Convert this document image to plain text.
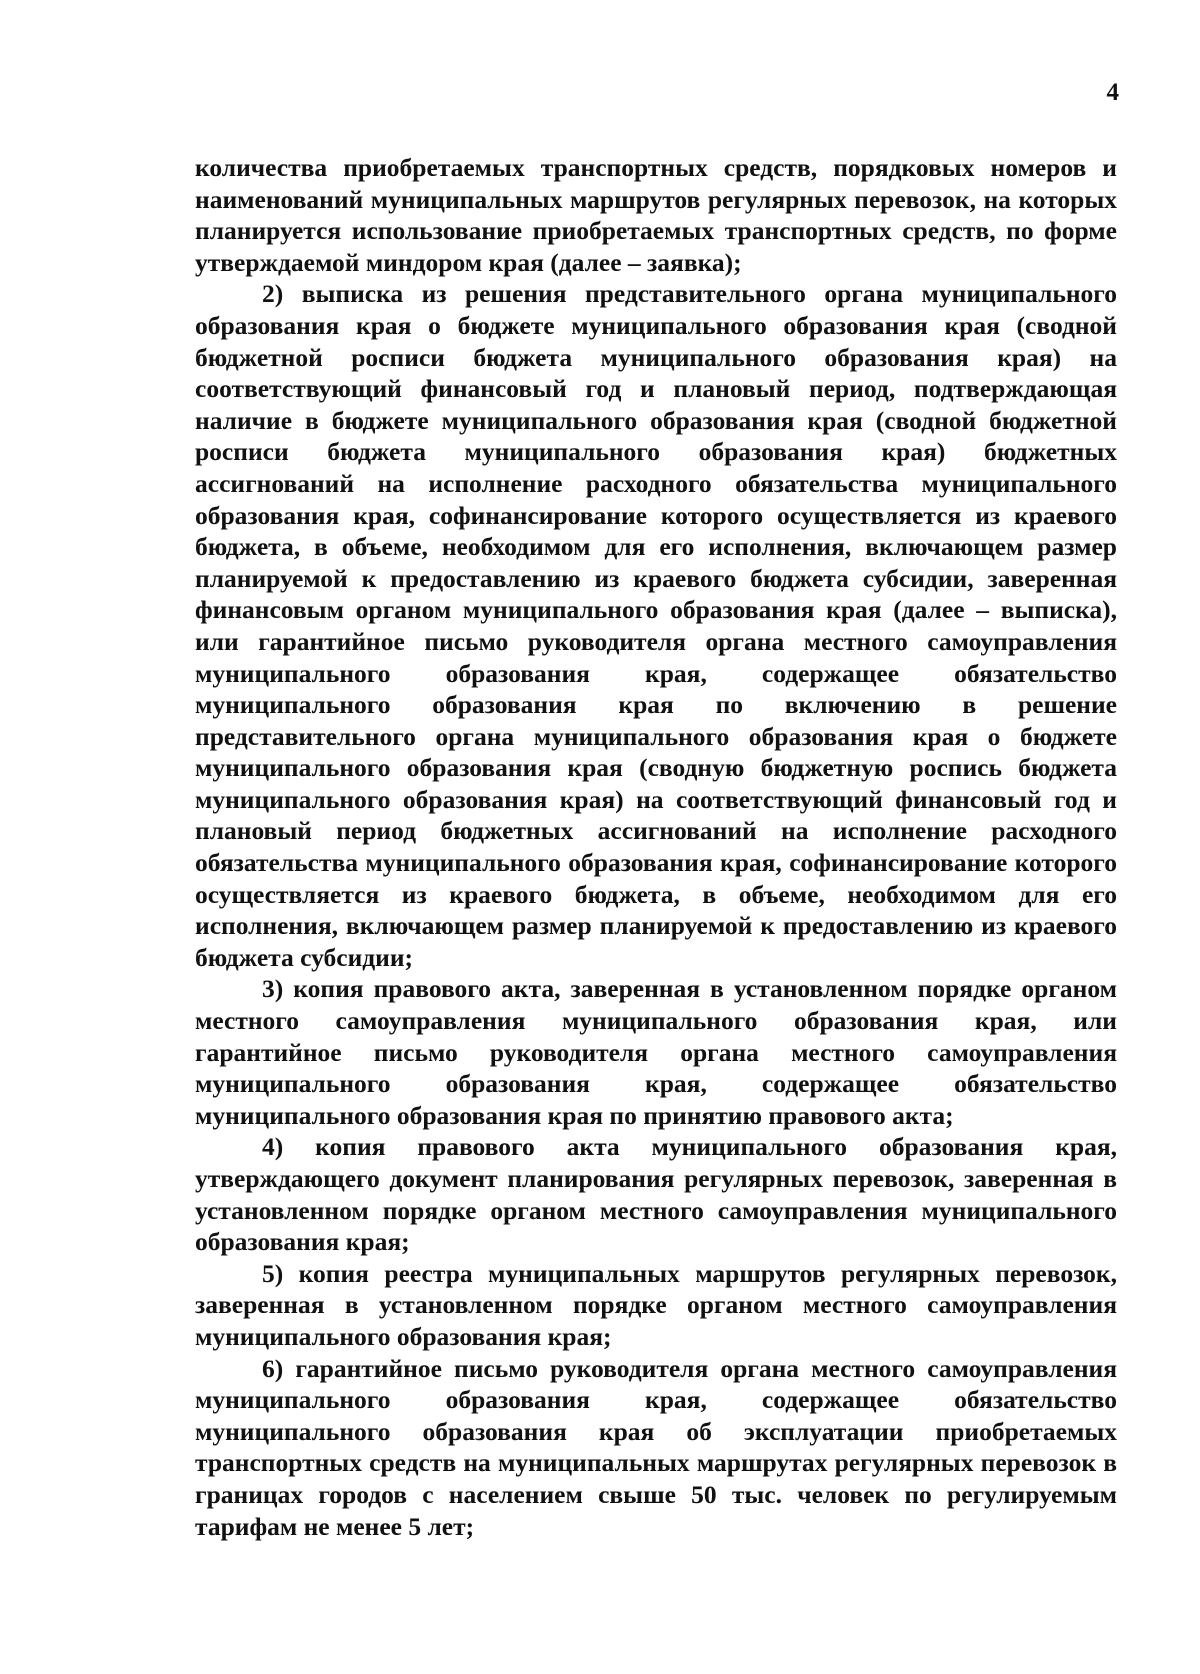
4

количества приобретаемых транспортных средств, порядковых номеров и наименований муниципальных маршрутов регулярных перевозок, на которых планируется использование приобретаемых транспортных средств, по форме утверждаемой миндором края (далее – заявка);

2) выписка из решения представительного органа муниципального образования края о бюджете муниципального образования края (сводной бюджетной росписи бюджета муниципального образования края) на соответствующий финансовый год и плановый период, подтверждающая наличие в бюджете муниципального образования края (сводной бюджетной росписи бюджета муниципального образования края) бюджетных ассигнований на исполнение расходного обязательства муниципального образования края, софинансирование которого осуществляется из краевого бюджета, в объеме, необходимом для его исполнения, включающем размер планируемой к предоставлению из краевого бюджета субсидии, заверенная финансовым органом муниципального образования края (далее – выписка), или гарантийное письмо руководителя органа местного самоуправления муниципального образования края, содержащее обязательство муниципального образования края по включению в решение представительного органа муниципального образования края о бюджете муниципального образования края (сводную бюджетную роспись бюджета муниципального образования края) на соответствующий финансовый год и плановый период бюджетных ассигнований на исполнение расходного обязательства муниципального образования края, софинансирование которого осуществляется из краевого бюджета, в объеме, необходимом для его исполнения, включающем размер планируемой к предоставлению из краевого бюджета субсидии;

3) копия правового акта, заверенная в установленном порядке органом местного самоуправления муниципального образования края, или гарантийное письмо руководителя органа местного самоуправления муниципального образования края, содержащее обязательство муниципального образования края по принятию правового акта;

4) копия правового акта муниципального образования края, утверждающего документ планирования регулярных перевозок, заверенная в установленном порядке органом местного самоуправления муниципального образования края;

5) копия реестра муниципальных маршрутов регулярных перевозок, заверенная в установленном порядке органом местного самоуправления муниципального образования края;

6) гарантийное письмо руководителя органа местного самоуправления муниципального образования края, содержащее обязательство муниципального образования края об эксплуатации приобретаемых транспортных средств на муниципальных маршрутах регулярных перевозок в границах городов с населением свыше 50 тыс. человек по регулируемым тарифам не менее 5 лет;
